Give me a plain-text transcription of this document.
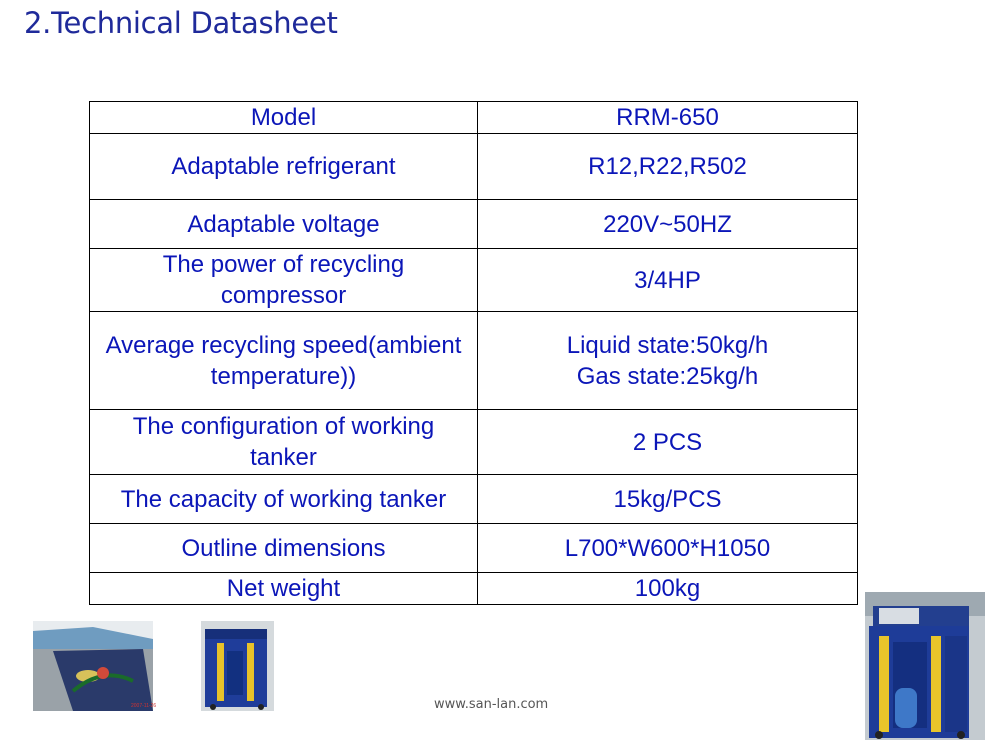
2.Technical Datasheet
Model	RRM-650
Adaptable refrigerant	R12,R22,R502
Adaptable voltage	220V~50HZ
The power of recycling compressor	3/4HP
Average recycling speed(ambient temperature))	Liquid state:50kg/h Gas state:25kg/h
The configuration of working tanker	2 PCS
The capacity of working tanker	15kg/PCS
Outline dimensions	L700*W600*H1050
Net weight	100kg
2007-11-26	www.san-lan.com
